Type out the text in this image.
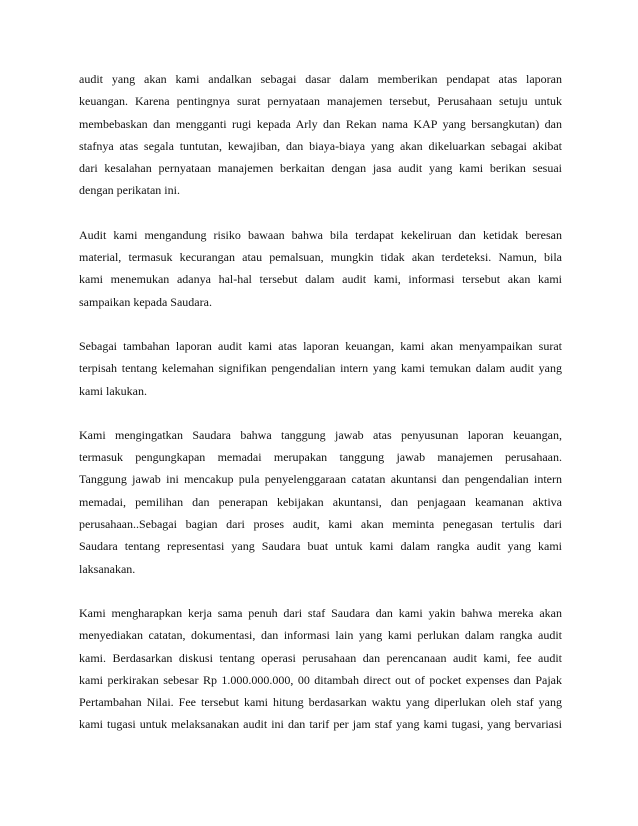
audit yang akan kami andalkan sebagai dasar dalam memberikan pendapat atas laporan
keuangan. Karena pentingnya surat pernyataan manajemen tersebut, Perusahaan setuju untuk
membebaskan dan mengganti rugi kepada Arly dan Rekan nama KAP yang bersangkutan) dan
stafnya atas segala tuntutan, kewajiban, dan biaya-biaya yang akan dikeluarkan sebagai akibat
dari kesalahan pernyataan manajemen berkaitan dengan jasa audit yang kami berikan sesuai
dengan perikatan ini.
Audit kami mengandung risiko bawaan bahwa bila terdapat kekeliruan dan ketidak beresan
material, termasuk kecurangan atau pemalsuan, mungkin tidak akan terdeteksi. Namun, bila
kami menemukan adanya hal-hal tersebut dalam audit kami, informasi tersebut akan kami
sampaikan kepada Saudara.
Sebagai tambahan laporan audit kami atas laporan keuangan, kami akan menyampaikan surat
terpisah tentang kelemahan signifikan pengendalian intern yang kami temukan dalam audit yang
kami lakukan.
Kami mengingatkan Saudara bahwa tanggung jawab atas penyusunan laporan keuangan,
termasuk pengungkapan memadai merupakan tanggung jawab manajemen perusahaan.
Tanggung jawab ini mencakup pula penyelenggaraan catatan akuntansi dan pengendalian intern
memadai, pemilihan dan penerapan kebijakan akuntansi, dan penjagaan keamanan aktiva
perusahaan..Sebagai bagian dari proses audit, kami akan meminta penegasan tertulis dari
Saudara tentang representasi yang Saudara buat untuk kami dalam rangka audit yang kami
laksanakan.
Kami mengharapkan kerja sama penuh dari staf Saudara dan kami yakin bahwa mereka akan
menyediakan catatan, dokumentasi, dan informasi lain yang kami perlukan dalam rangka audit
kami. Berdasarkan diskusi tentang operasi perusahaan dan perencanaan audit kami, fee audit
kami perkirakan sebesar Rp 1.000.000.000, 00 ditambah direct out of pocket expenses dan Pajak
Pertambahan Nilai. Fee tersebut kami hitung berdasarkan waktu yang diperlukan oleh staf yang
kami tugasi untuk melaksanakan audit ini dan tarif per jam staf yang kami tugasi, yang bervariasi
